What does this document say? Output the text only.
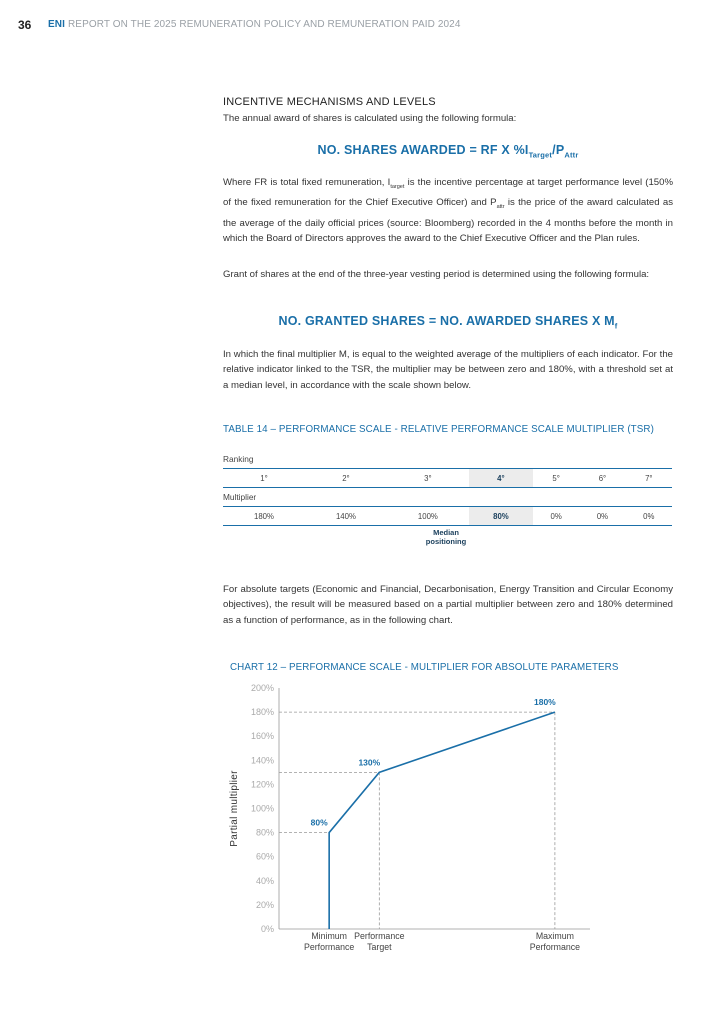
36 ENI REPORT ON THE 2025 REMUNERATION POLICY AND REMUNERATION PAID 2024
INCENTIVE MECHANISMS AND LEVELS
The annual award of shares is calculated using the following formula:
NO. SHARES AWARDED = RF X $\%I_{Target}/P_{Attr}$
Where FR is total fixed remuneration, $I_{target}$ is the incentive percentage at target performance level (150% of the fixed remuneration for the Chief Executive Officer) and $P_{attr}$ is the price of the award calculated as the average of the daily official prices (source: Bloomberg) recorded in the 4 months before the month in which the Board of Directors approves the award to the Chief Executive Officer and the Plan rules.
Grant of shares at the end of the three-year vesting period is determined using the following formula:
NO. GRANTED SHARES = NO. AWARDED SHARES X $M_f$
In which the final multiplier M, is equal to the weighted average of the multipliers of each indicator. For the relative indicator linked to the TSR, the multiplier may be between zero and 180%, with a threshold set at a median level, in accordance with the scale shown below.
TABLE 14 – PERFORMANCE SCALE - RELATIVE PERFORMANCE SCALE MULTIPLIER (TSR)
Ranking						
1°	2°	3°	4°	5°	6°	7°
Multiplier						
180%	140%	100%	80%	0%	0%	0%
Median positioning
For absolute targets (Economic and Financial, Decarbonisation, Energy Transition and Circular Economy objectives), the result will be measured based on a partial multiplier between zero and 180% determined as a function of performance, as in the following chart.
CHART 12 – PERFORMANCE SCALE - MULTIPLIER FOR ABSOLUTE PARAMETERS
0%
20%
40%
60%
80%
100%
120%
140%
160%
180%
200%
Partial multiplier
Minimum
Performance
Performance
Target
Maximum
Performance
80%
130%
180%
